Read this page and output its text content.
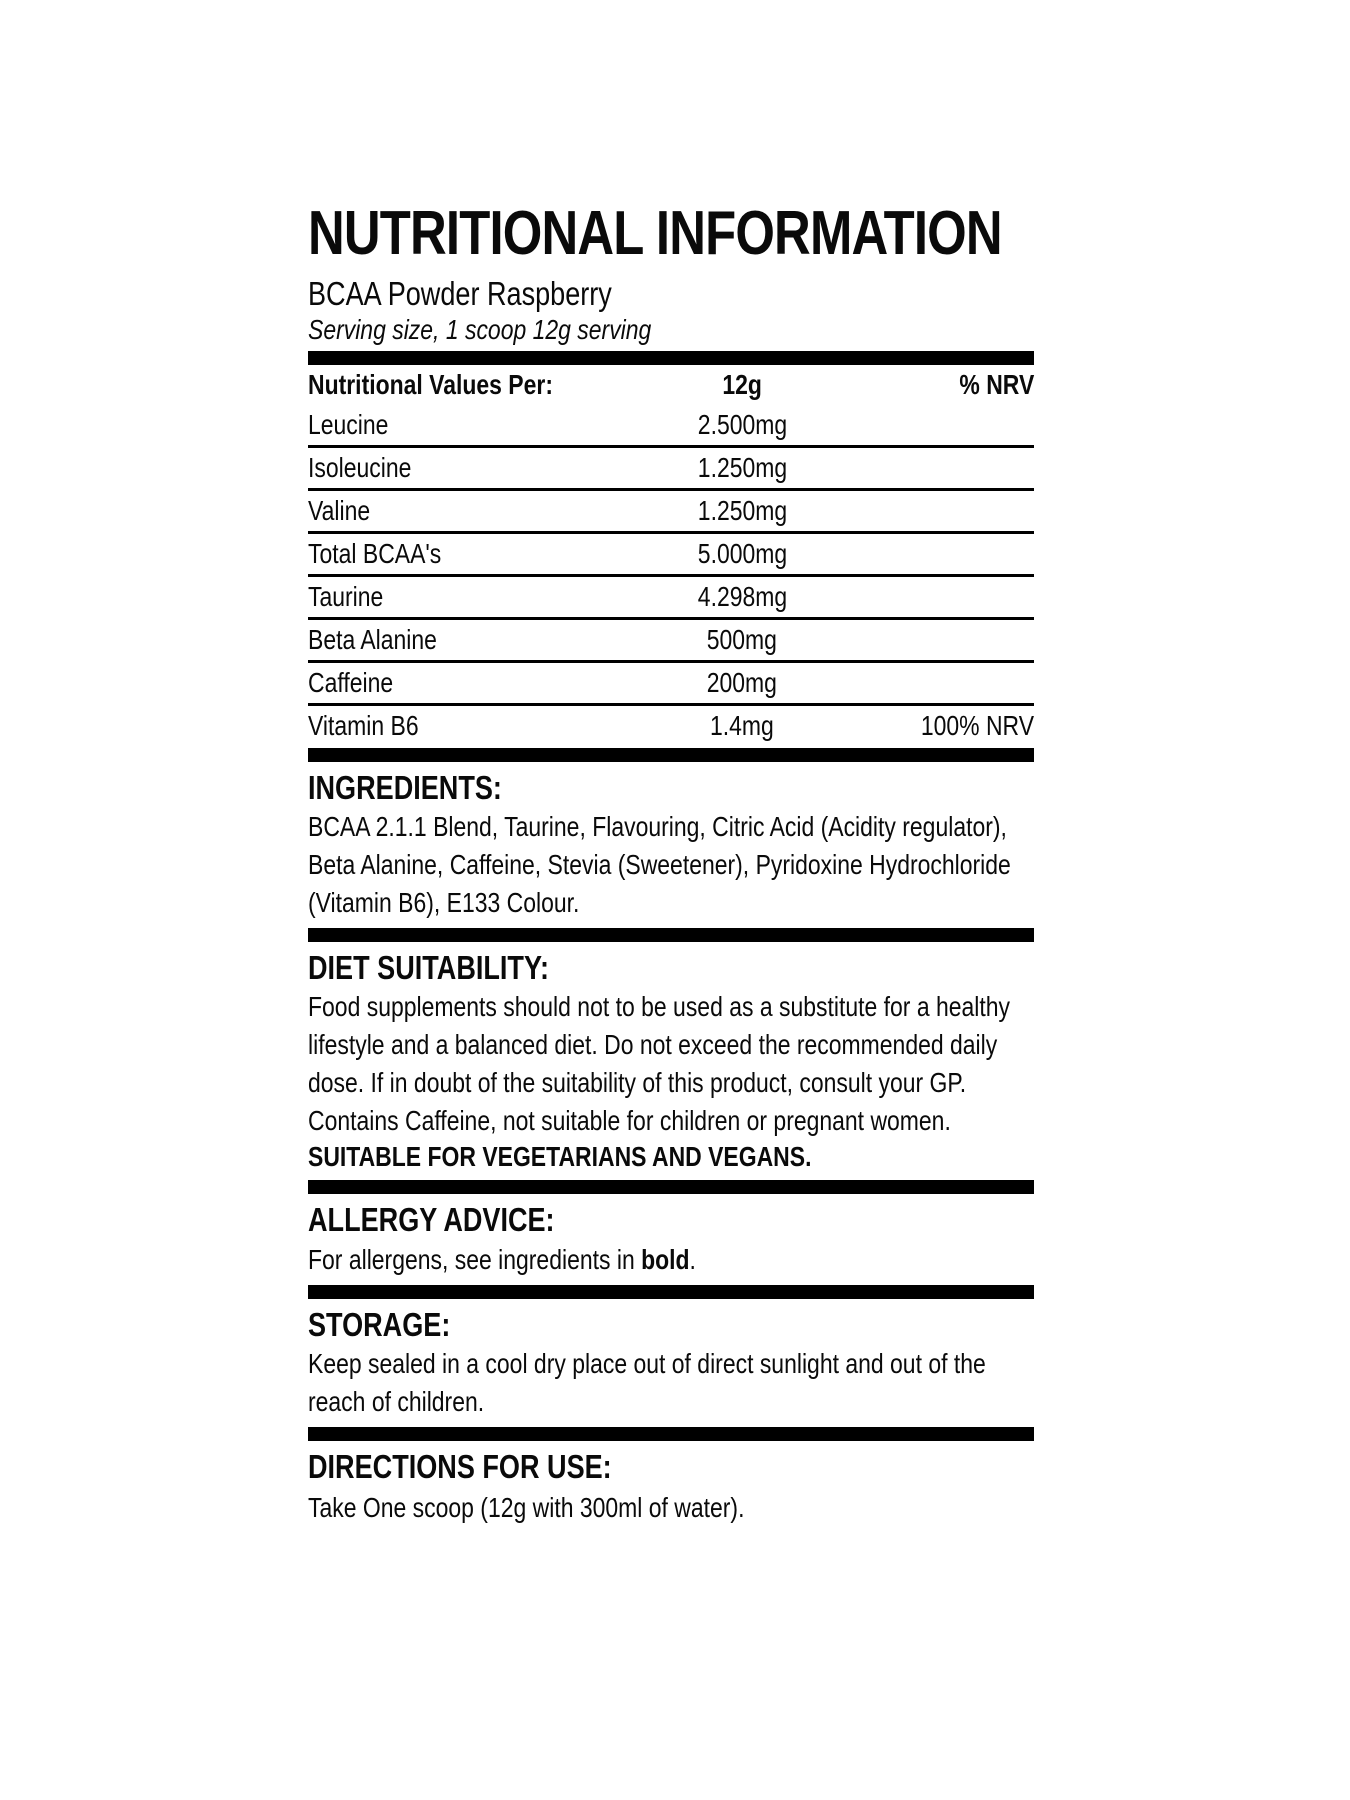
NUTRITIONAL INFORMATION
BCAA Powder Raspberry
Serving size, 1 scoop 12g serving
Nutritional Values Per:	12g	% NRV
Leucine	2.500mg	
Isoleucine	1.250mg	
Valine	1.250mg	
Total BCAA's	5.000mg	
Taurine	4.298mg	
Beta Alanine	500mg	
Caffeine	200mg	
Vitamin B6	1.4mg	100% NRV
INGREDIENTS:

BCAA 2.1.1 Blend, Taurine, Flavouring, Citric Acid (Acidity regulator), Beta Alanine, Caffeine, Stevia (Sweetener), Pyridoxine Hydrochloride (Vitamin B6), E133 Colour.

DIET SUITABILITY:

Food supplements should not to be used as a substitute for a healthy lifestyle and a balanced diet. Do not exceed the recommended daily dose. If in doubt of the suitability of this product, consult your GP. Contains Caffeine, not suitable for children or pregnant women.

SUITABLE FOR VEGETARIANS AND VEGANS.

ALLERGY ADVICE:

For allergens, see ingredients in bold.

STORAGE:

Keep sealed in a cool dry place out of direct sunlight and out of the reach of children.

DIRECTIONS FOR USE:

Take One scoop (12g with 300ml of water).
